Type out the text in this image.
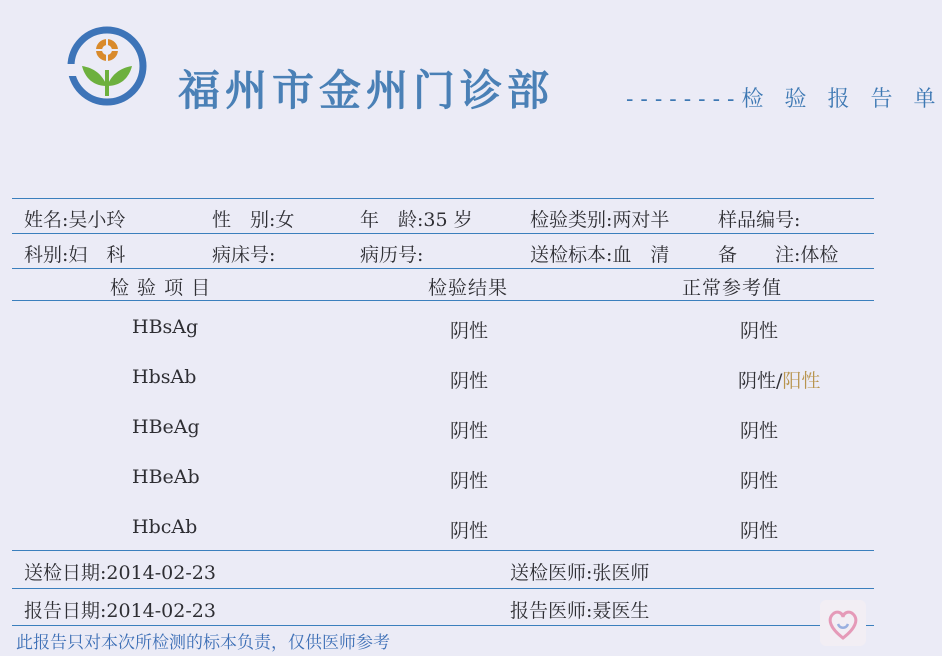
福州市金州门诊部	--------检 验 报 告 单
姓名:吴小玲	性　别:女	年　龄:35 岁	检验类别:两对半	样品编号:
科别:妇　科	病床号:	病历号:	送检标本:血　清	备　　注:体检
检 验 项 目	检验结果	正常参考值
HBsAg	阴性	阴性
HbsAb	阴性	阴性/阳性
HBeAg	阴性	阴性
HBeAb	阴性	阴性
HbcAb	阴性	阴性
送检日期:2014-02-23	送检医师:张医师
报告日期:2014-02-23	报告医师:聂医生
此报告只对本次所检测的标本负责，仅供医师参考
